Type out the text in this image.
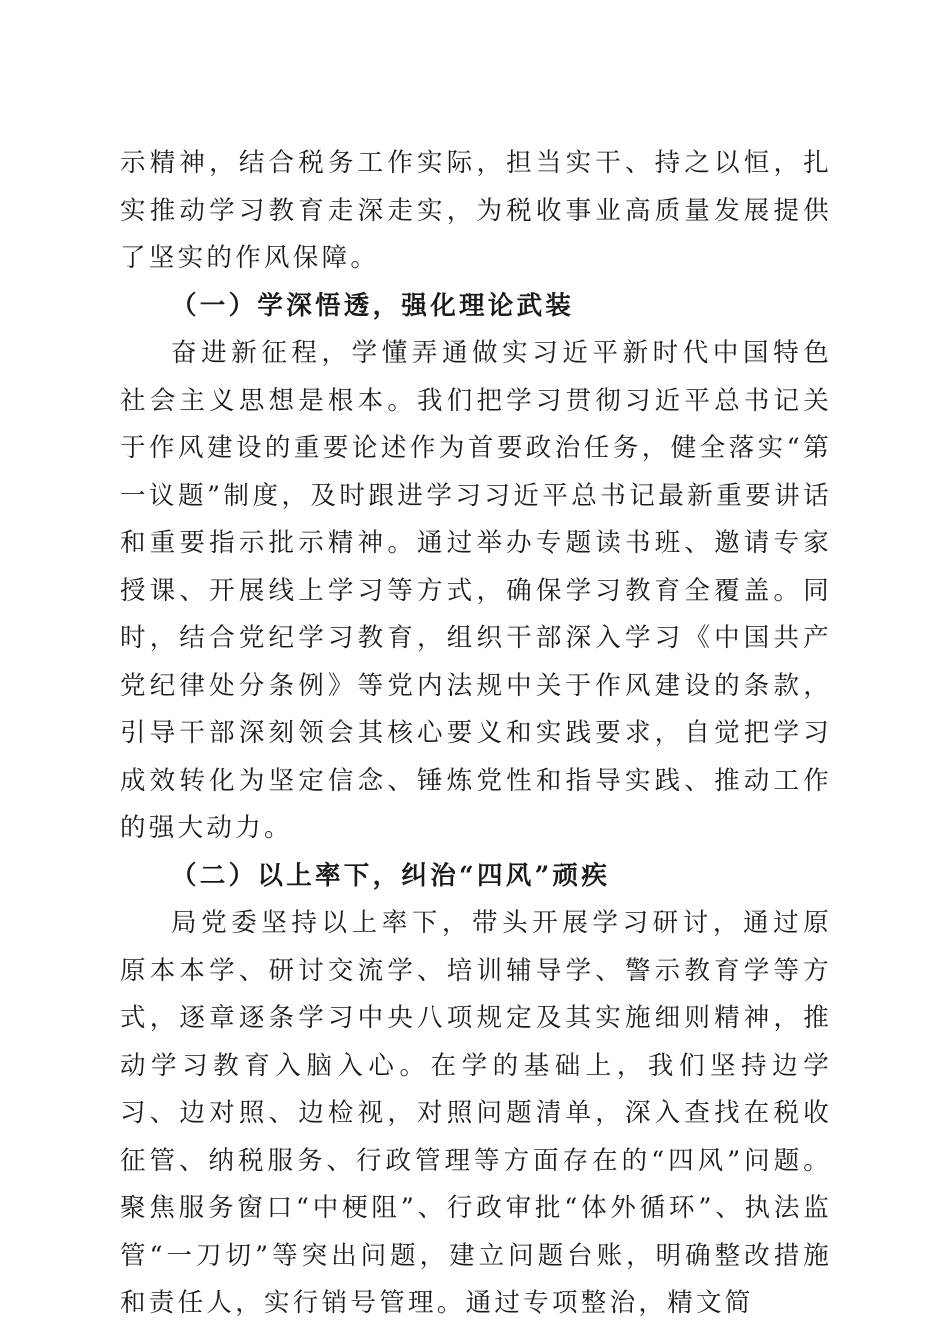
示精神，结合税务工作实际，担当实干、持之以恒，扎实推动学习教育走深走实，为税收事业高质量发展提供了坚实的作风保障。

（一）学深悟透，强化理论武装

奋进新征程，学懂弄通做实习近平新时代中国特色社会主义思想是根本。我们把学习贯彻习近平总书记关于作风建设的重要论述作为首要政治任务，健全落实“第一议题”制度，及时跟进学习习近平总书记最新重要讲话和重要指示批示精神。通过举办专题读书班、邀请专家授课、开展线上学习等方式，确保学习教育全覆盖。同时，结合党纪学习教育，组织干部深入学习《中国共产党纪律处分条例》等党内法规中关于作风建设的条款，引导干部深刻领会其核心要义和实践要求，自觉把学习成效转化为坚定信念、锤炼党性和指导实践、推动工作的强大动力。

（二）以上率下，纠治“四风”顽疾

局党委坚持以上率下，带头开展学习研讨，通过原原本本学、研讨交流学、培训辅导学、警示教育学等方式，逐章逐条学习中央八项规定及其实施细则精神，推动学习教育入脑入心。在学的基础上，我们坚持边学习、边对照、边检视，对照问题清单，深入查找在税收征管、纳税服务、行政管理等方面存在的“四风”问题。聚焦服务窗口“中梗阻”、行政审批“体外循环”、执法监管“一刀切”等突出问题，建立问题台账，明确整改措施和责任人，实行销号管理。通过专项整治，精文简
